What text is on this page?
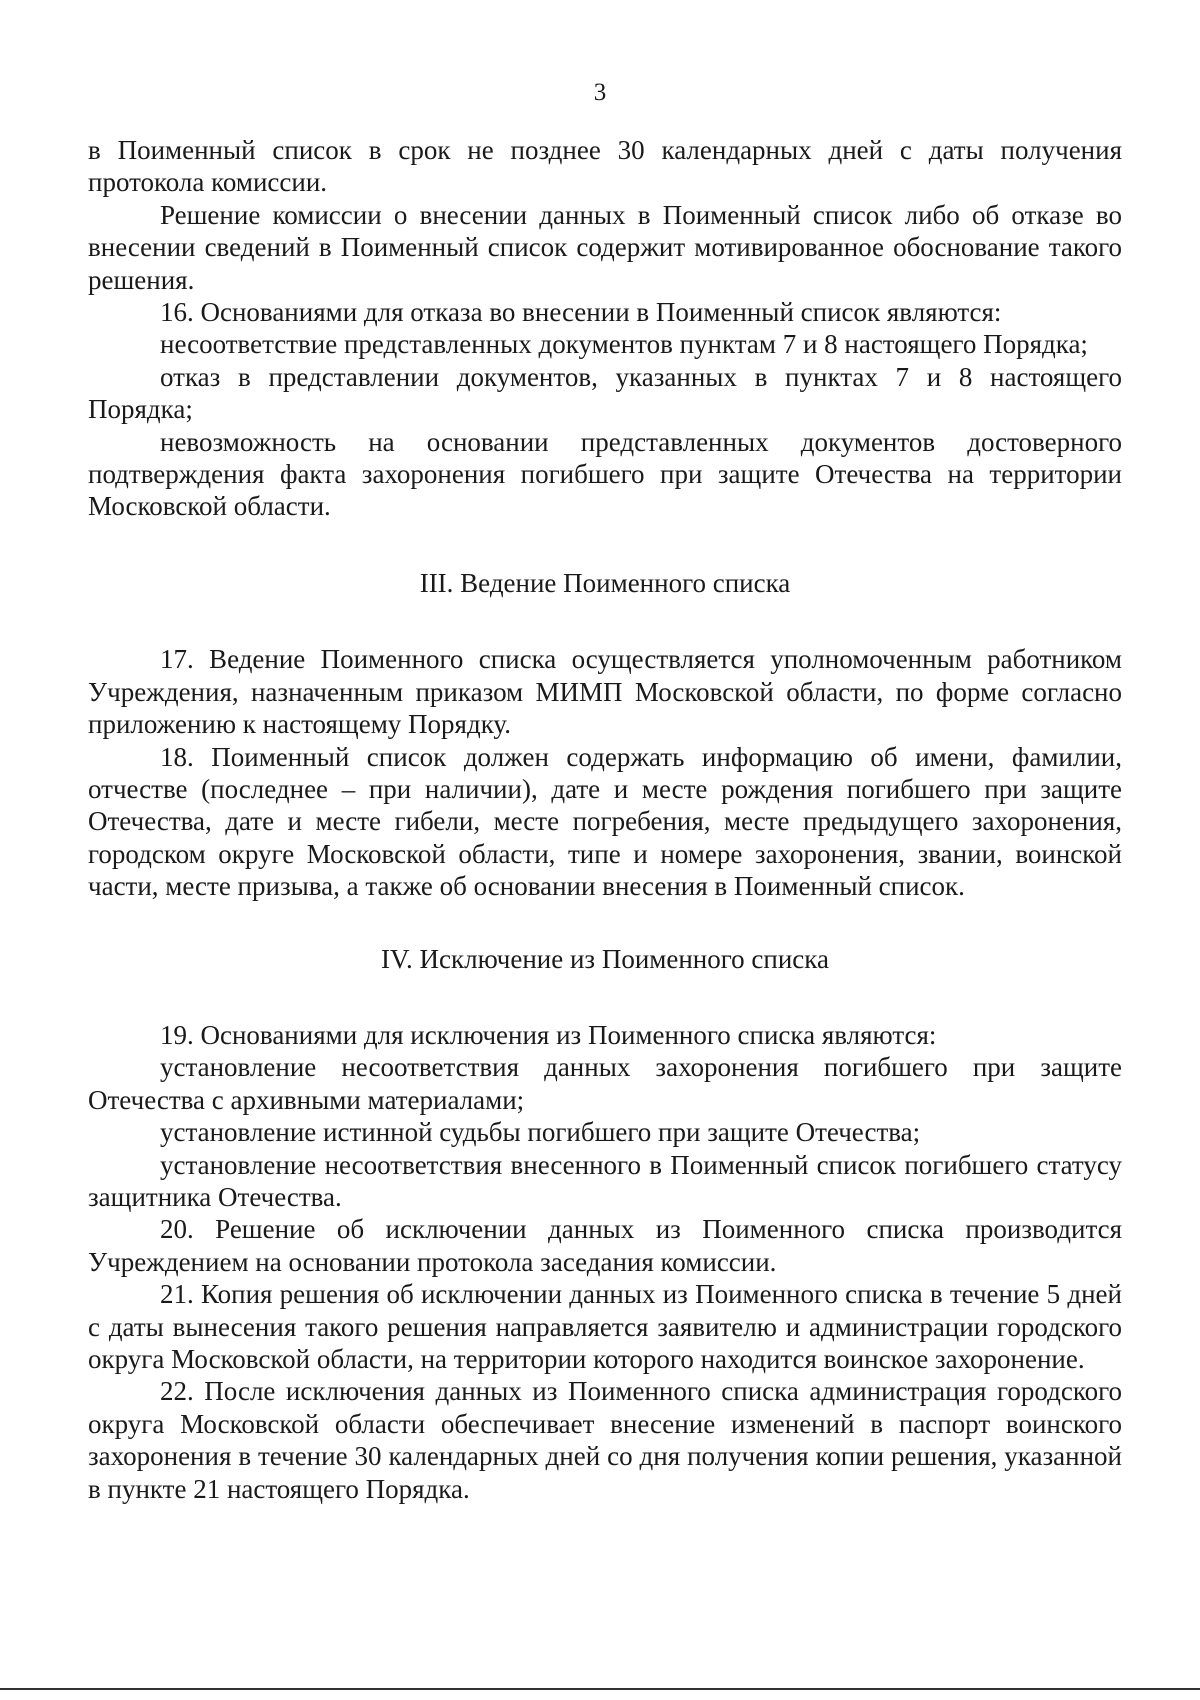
3

в Поименный список в срок не позднее 30 календарных дней с даты получения протокола комиссии.

Решение комиссии о внесении данных в Поименный список либо об отказе во внесении сведений в Поименный список содержит мотивированное обоснование такого решения.

16. Основаниями для отказа во внесении в Поименный список являются:

несоответствие представленных документов пунктам 7 и 8 настоящего Порядка;

отказ в представлении документов, указанных в пунктах 7 и 8 настоящего Порядка;

невозможность на основании представленных документов достоверного подтверждения факта захоронения погибшего при защите Отечества на территории Московской области.

III. Ведение Поименного списка

17. Ведение Поименного списка осуществляется уполномоченным работником Учреждения, назначенным приказом МИМП Московской области, по форме согласно приложению к настоящему Порядку.

18. Поименный список должен содержать информацию об имени, фамилии, отчестве (последнее – при наличии), дате и месте рождения погибшего при защите Отечества, дате и месте гибели, месте погребения, месте предыдущего захоронения, городском округе Московской области, типе и номере захоронения, звании, воинской части, месте призыва, а также об основании внесения в Поименный список.

IV. Исключение из Поименного списка

19. Основаниями для исключения из Поименного списка являются:

установление несоответствия данных захоронения погибшего при защите Отечества с архивными материалами;

установление истинной судьбы погибшего при защите Отечества;

установление несоответствия внесенного в Поименный список погибшего статусу защитника Отечества.

20. Решение об исключении данных из Поименного списка производится Учреждением на основании протокола заседания комиссии.

21. Копия решения об исключении данных из Поименного списка в течение 5 дней с даты вынесения такого решения направляется заявителю и администрации городского округа Московской области, на территории которого находится воинское захоронение.

22. После исключения данных из Поименного списка администрация городского округа Московской области обеспечивает внесение изменений в паспорт воинского захоронения в течение 30 календарных дней со дня получения копии решения, указанной в пункте 21 настоящего Порядка.
